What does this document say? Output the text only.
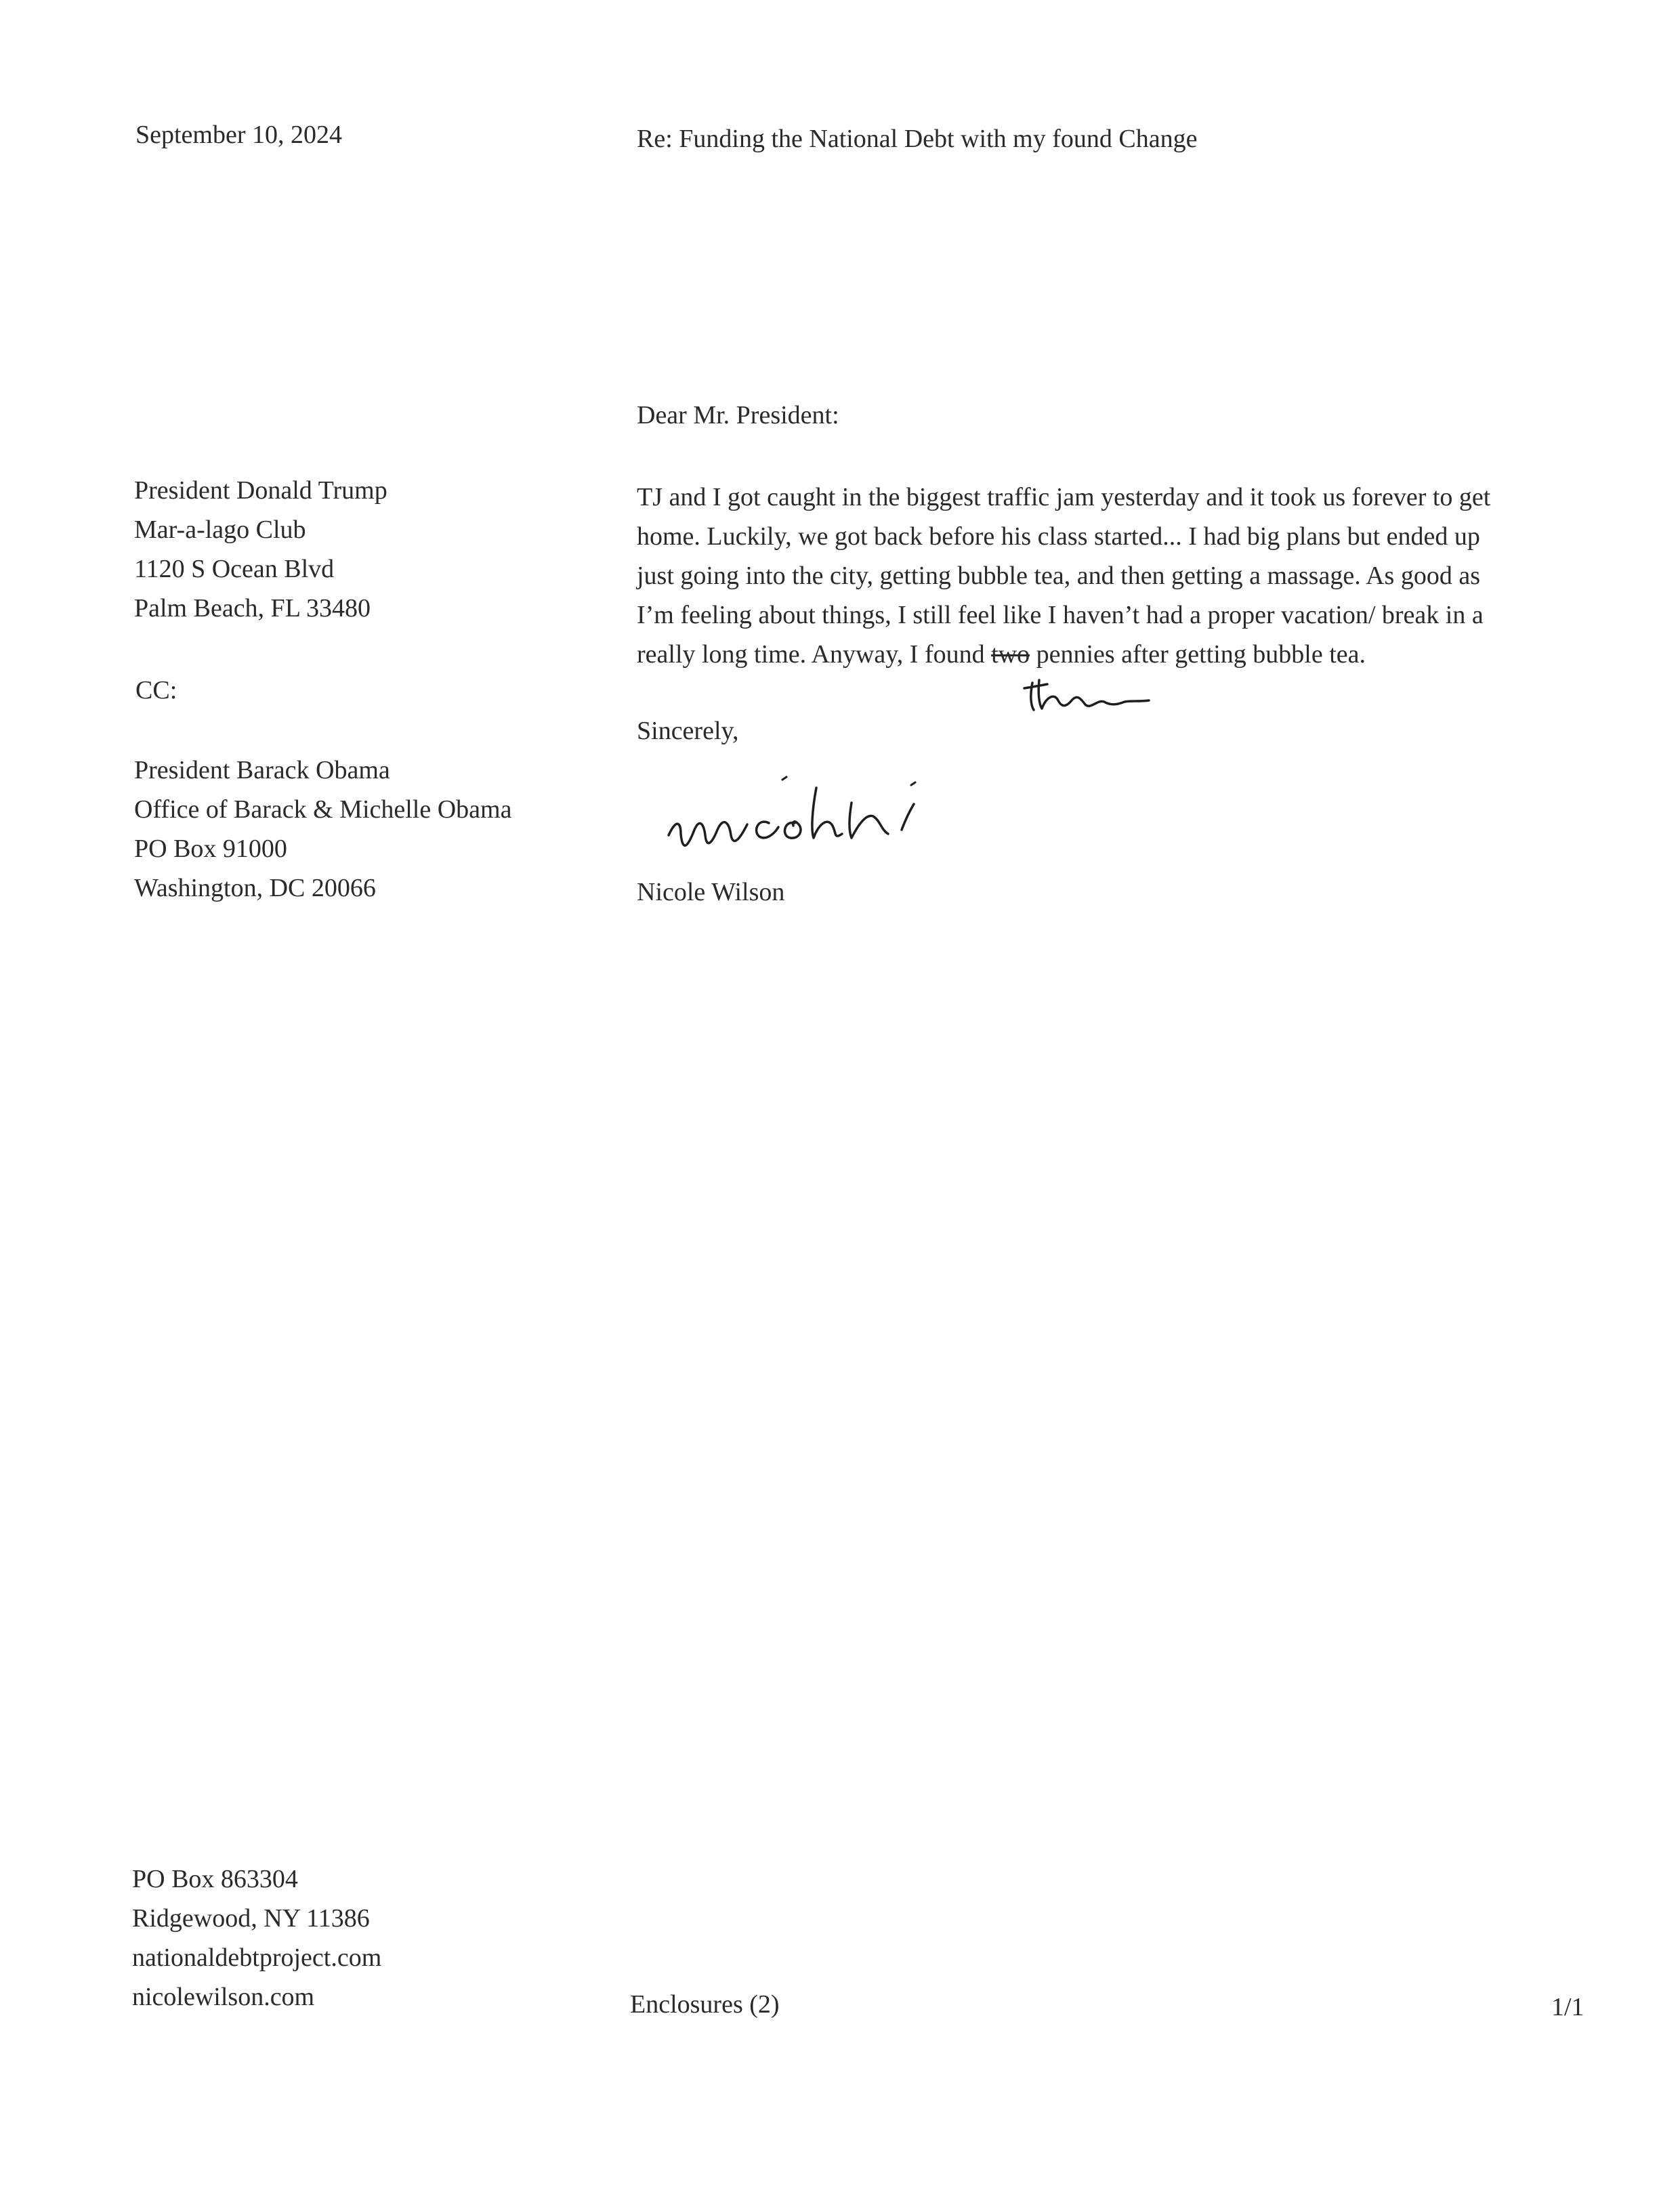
September 10, 2024	Re: Funding the National Debt with my found Change
President Donald Trump
Mar-a-lago Club
1120 S Ocean Blvd
Palm Beach, FL 33480
CC:
President Barack Obama
Office of Barack & Michelle Obama
PO Box 91000
Washington, DC 20066
Dear Mr. President:
TJ and I got caught in the biggest traffic jam yesterday and it took us forever to get
home. Luckily, we got back before his class started... I had big plans but ended up
just going into the city, getting bubble tea, and then getting a massage. As good as
I’m feeling about things, I still feel like I haven’t had a proper vacation/ break in a
really long time. Anyway, I found two pennies after getting bubble tea.
Sincerely,
Nicole Wilson
PO Box 863304
Ridgewood, NY 11386
nationaldebtproject.com
nicolewilson.com	Enclosures (2)	1/1
